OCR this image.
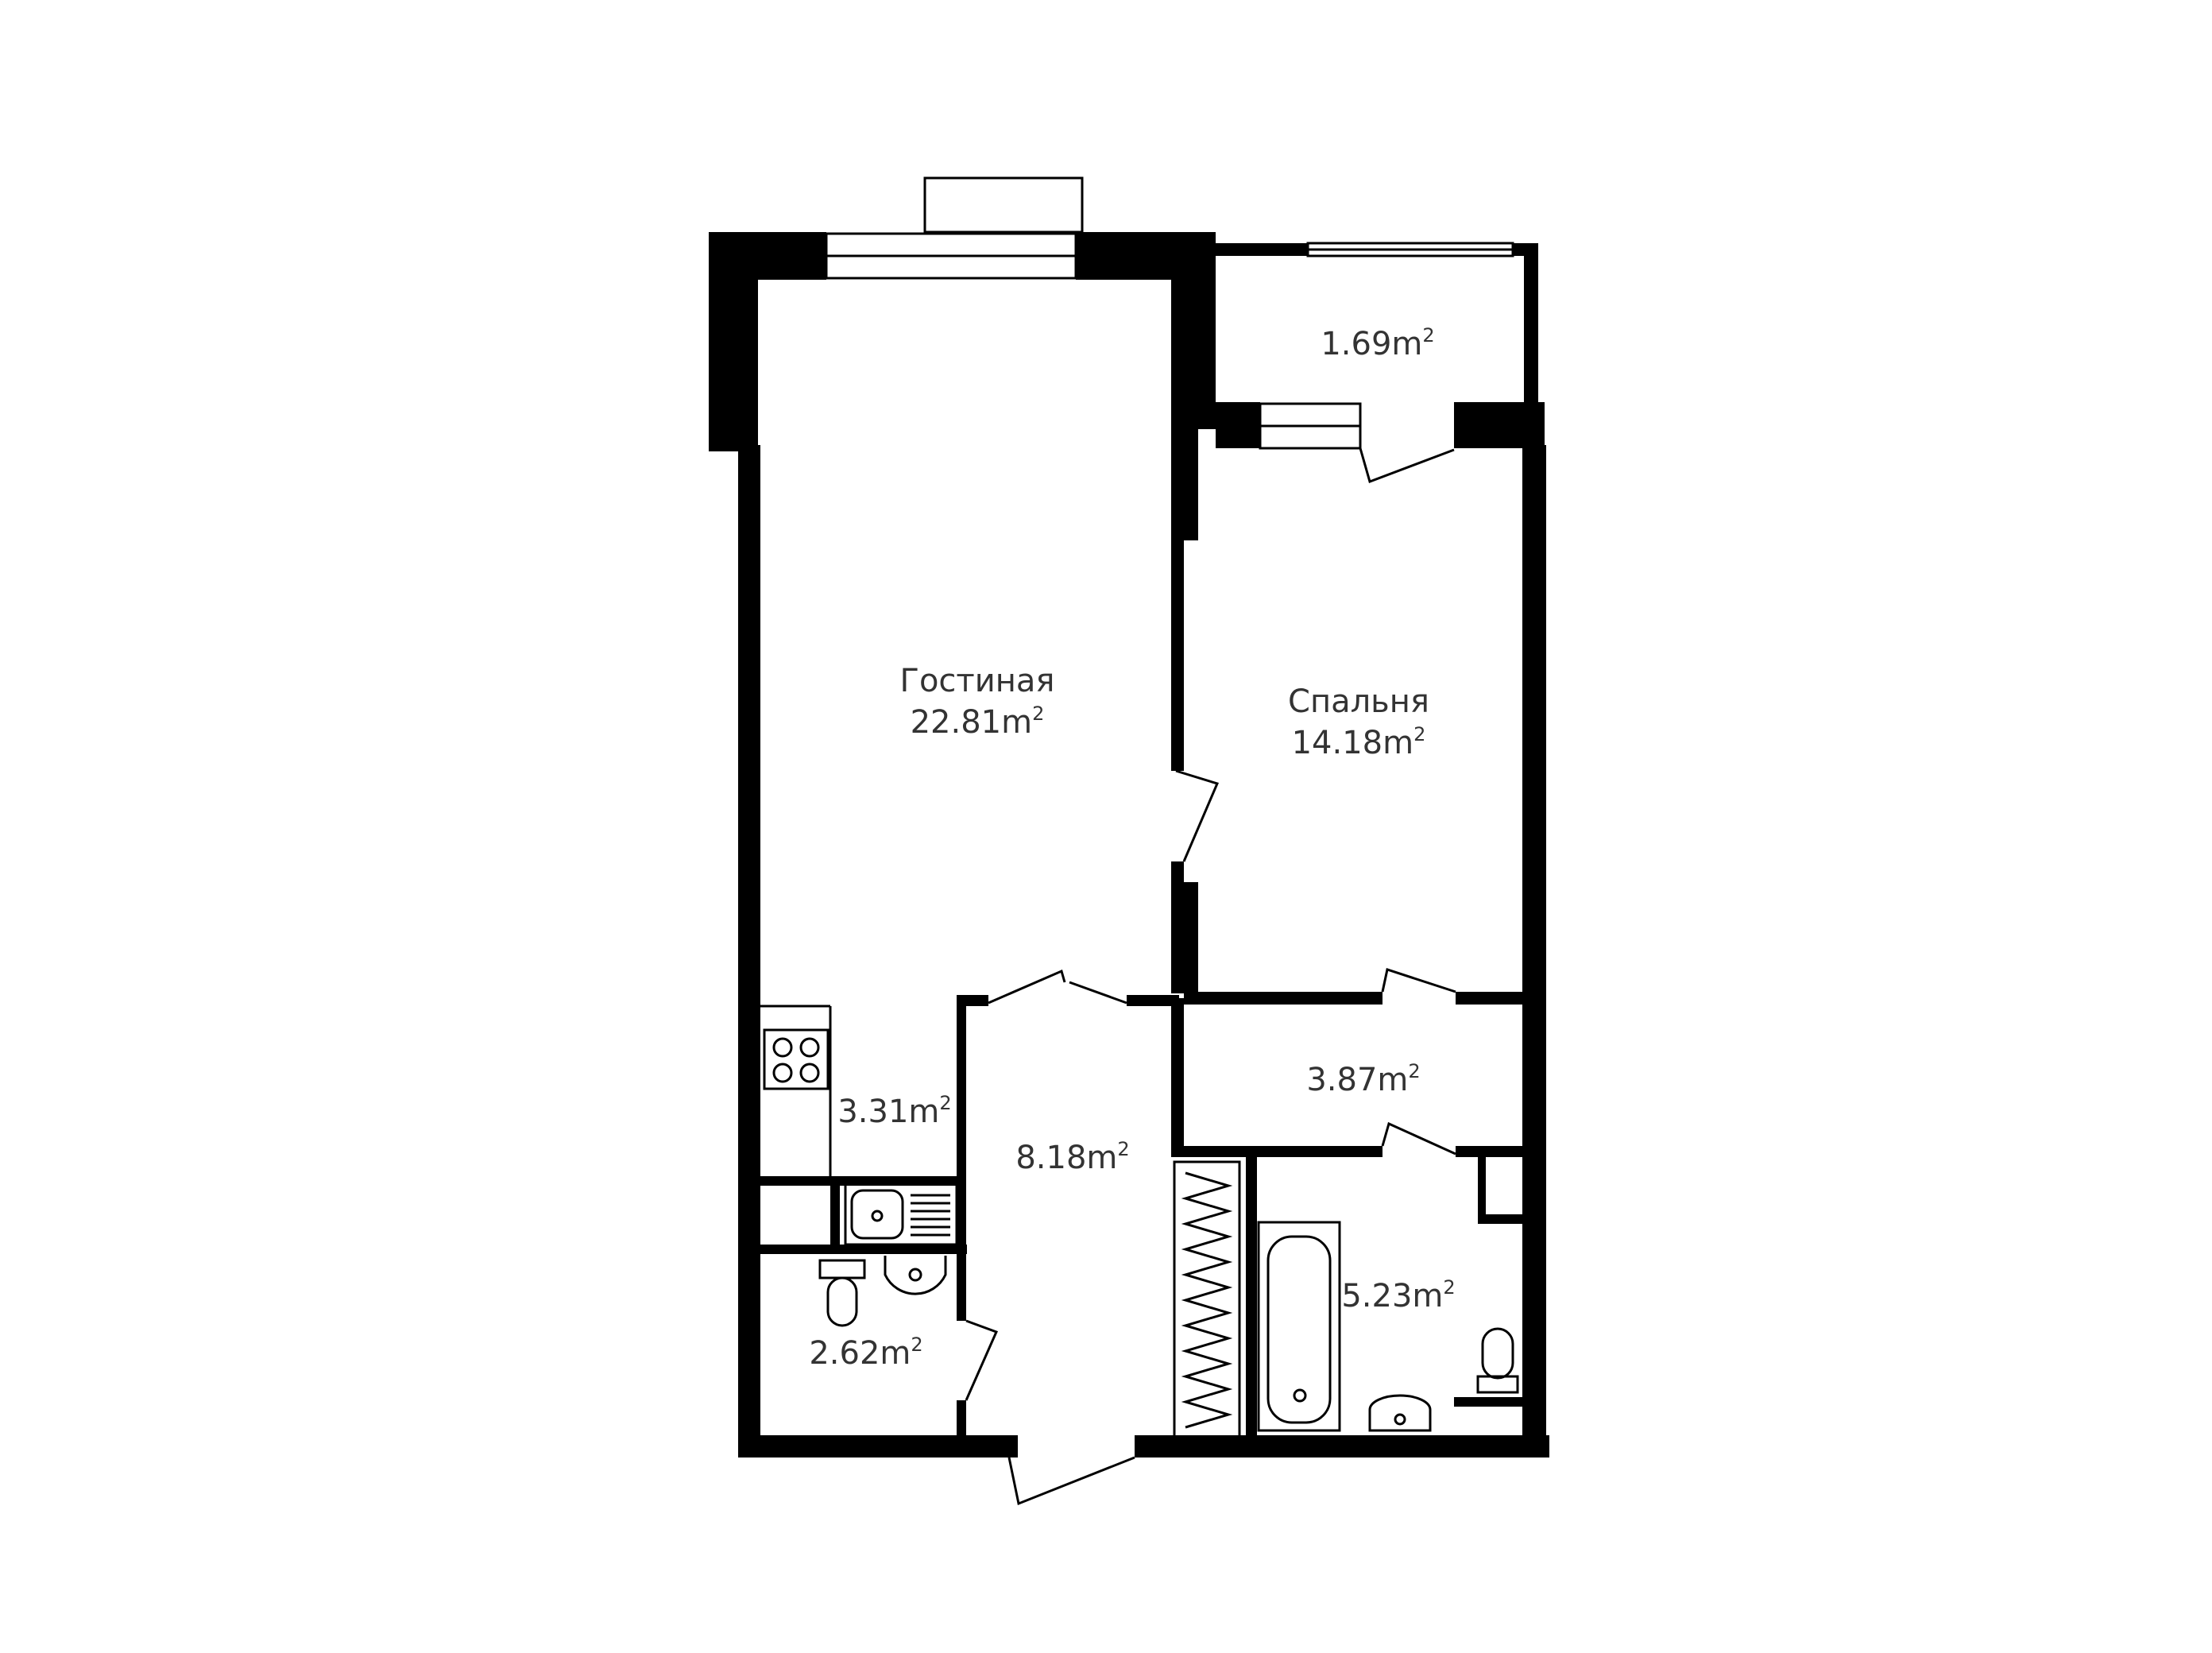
Гостиная
$22.81m^2$	Спальня
$14.18m^2$
$1.69m^2$
$3.31m^2$
$8.18m^2$
$3.87m^2$
$5.23m^2$
$2.62m^2$
